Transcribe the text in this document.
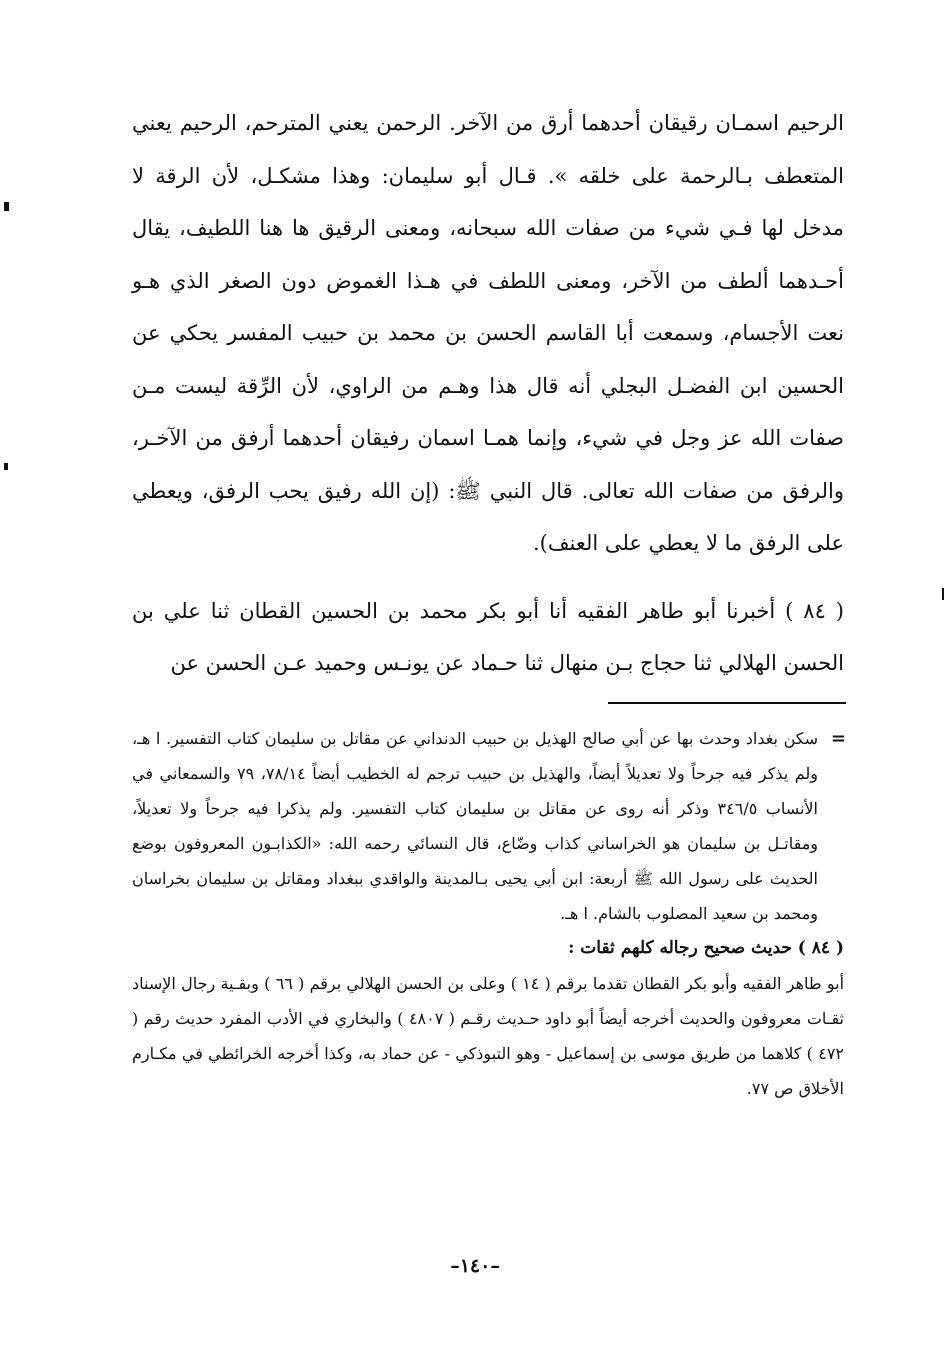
الرحيم اسمـان رقيقان أحدهما أرق من الآخر. الرحمن يعني المترحم، الرحيم يعني المتعطف بـالرحمة على خلقه ». قـال أبو سليمان: وهذا مشكـل، لأن الرقة لا مدخل لها فـي شيء من صفات الله سبحانه، ومعنى الرقيق ها هنا اللطيف، يقال أحـدهما ألطف من الآخر، ومعنى اللطف في هـذا الغموض دون الصغر الذي هـو نعت الأجسام، وسمعت أبا القاسم الحسن بن محمد بن حبيب المفسر يحكي عن الحسين ابن الفضـل البجلي أنه قال هذا وهـم من الراوي، لأن الرِّقة ليست مـن صفات الله عز وجل في شيء، وإنما همـا اسمان رفيقان أحدهما أرفق من الآخـر، والرفق من صفات الله تعالى. قال النبي ﷺ: (إن الله رفيق يحب الرفق، ويعطي على الرفق ما لا يعطي على العنف).

( ٨٤ ) أخبرنا أبو طاهر الفقيه أنا أبو بكر محمد بن الحسين القطان ثنا علي بن الحسن الهلالي ثنا حجاج بـن منهال ثنا حـماد عن يونـس وحميد عـن الحسن عن

=

سكن بغداد وحدث بها عن أبي صالح الهذيل بن حبيب الدنداني عن مقاتل بن سليمان كتاب التفسير. ا هـ، ولم يذكر فيه جرحاً ولا تعديلاً أيضاً، والهذيل بن حبيب ترجم له الخطيب أيضاً ٧٨/١٤، ٧٩ والسمعاني في الأنساب ٣٤٦/٥ وذكر أنه روى عن مقاتل بن سليمان كتاب التفسير. ولم يذكرا فيه جرحاً ولا تعديلاً، ومقاتـل بن سليمان هو الخراساني كذاب وضّاع، قال النسائي رحمه الله: «الكذابـون المعروفون بوضع الحديث على رسول الله ﷺ أربعة: ابن أبي يحيى بـالمدينة والواقدي ببغداد ومقاتل بن سليمان بخراسان ومحمد بن سعيد المصلوب بالشام. ا هـ.

( ٨٤ ) حديث صحيح رجاله كلهم ثقات :

أبو طاهر الفقيه وأبو بكر القطان تقدما برقم ( ١٤ ) وعلى بن الحسن الهلالي برقم ( ٦٦ ) وبقـية رجال الإسناد ثقـات معروفون والحديث أخرجه أيضاً أبو داود حـديث رقـم ( ٤٨٠٧ ) والبخاري في الأدب المفرد حديث رقم ( ٤٧٢ ) كلاهما من طريق موسى بن إسماعيل - وهو التبوذكي - عن حماد به، وكذا أخرجه الخرائطي في مكـارم الأخلاق ص ٧٧.

–١٤٠–
